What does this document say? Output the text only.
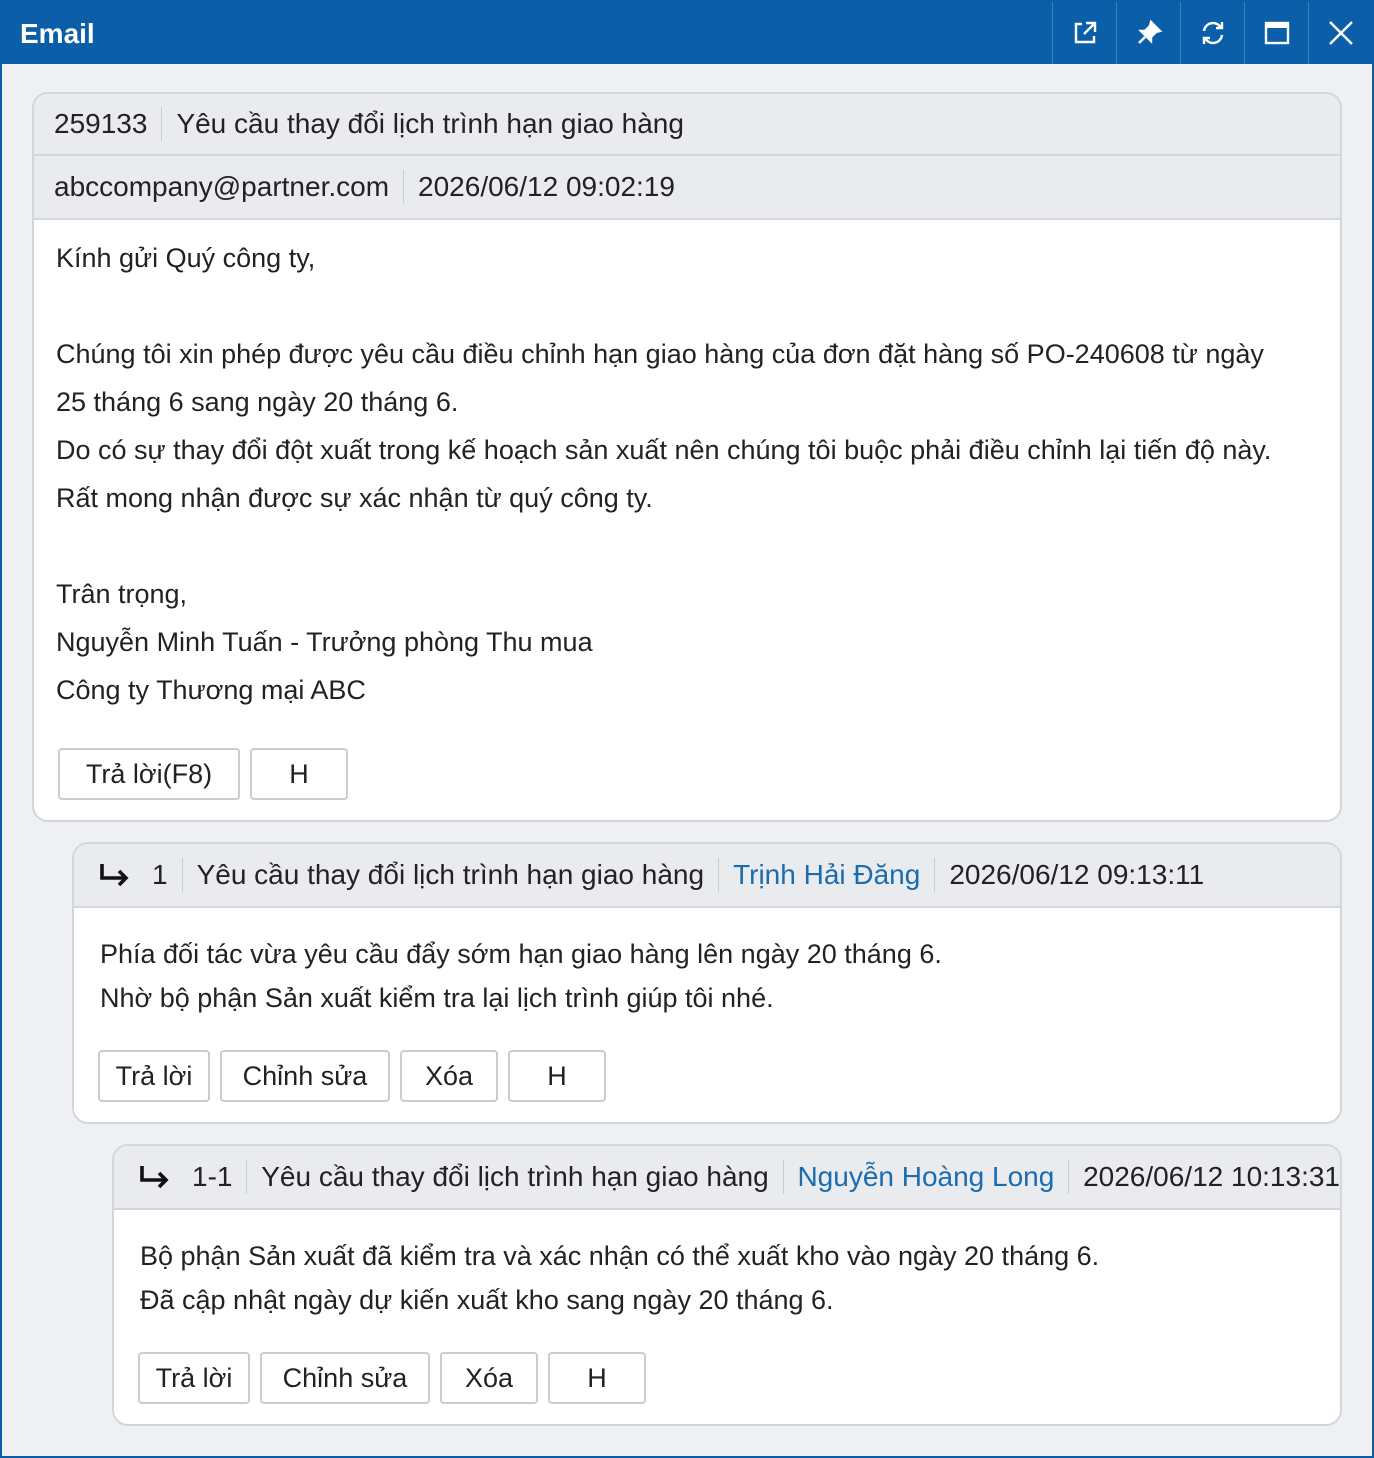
Email
259133 Yêu cầu thay đổi lịch trình hạn giao hàng
abccompany@partner.com 2026/06/12 09:02:19
Kính gửi Quý công ty,
Chúng tôi xin phép được yêu cầu điều chỉnh hạn giao hàng của đơn đặt hàng số PO-240608 từ ngày
25 tháng 6 sang ngày 20 tháng 6.
Do có sự thay đổi đột xuất trong kế hoạch sản xuất nên chúng tôi buộc phải điều chỉnh lại tiến độ này.
Rất mong nhận được sự xác nhận từ quý công ty.
Trân trọng,
Nguyễn Minh Tuấn - Trưởng phòng Thu mua
Công ty Thương mại ABC
Trả lời(F8)	H
1 Yêu cầu thay đổi lịch trình hạn giao hàng Trịnh Hải Đăng 2026/06/12 09:13:11
Phía đối tác vừa yêu cầu đẩy sớm hạn giao hàng lên ngày 20 tháng 6.
Nhờ bộ phận Sản xuất kiểm tra lại lịch trình giúp tôi nhé.
Trả lời	Chỉnh sửa	Xóa	H
1-1 Yêu cầu thay đổi lịch trình hạn giao hàng Nguyễn Hoàng Long 2026/06/12 10:13:31
Bộ phận Sản xuất đã kiểm tra và xác nhận có thể xuất kho vào ngày 20 tháng 6.
Đã cập nhật ngày dự kiến xuất kho sang ngày 20 tháng 6.
Trả lời	Chỉnh sửa	Xóa	H
